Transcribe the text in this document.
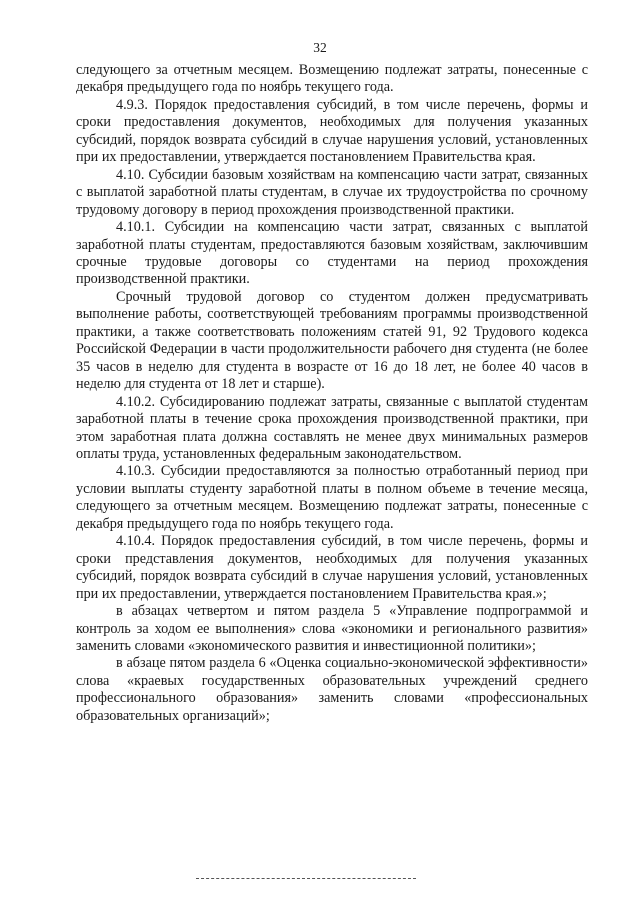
32

следующего за отчетным месяцем. Возмещению подлежат затраты, понесенные с декабря предыдущего года по ноябрь текущего года.

4.9.3. Порядок предоставления субсидий, в том числе перечень, формы и сроки предоставления документов, необходимых для получения указанных субсидий, порядок возврата субсидий в случае нарушения условий, установленных при их предоставлении, утверждается постановлением Правительства края.

4.10. Субсидии базовым хозяйствам на компенсацию части затрат, связанных с выплатой заработной платы студентам, в случае их трудоустройства по срочному трудовому договору в период прохождения производственной практики.

4.10.1. Субсидии на компенсацию части затрат, связанных с выплатой заработной платы студентам, предоставляются базовым хозяйствам, заключившим срочные трудовые договоры со студентами на период прохождения производственной практики.

Срочный трудовой договор со студентом должен предусматривать выполнение работы, соответствующей требованиям программы производственной практики, а также соответствовать положениям статей 91, 92 Трудового кодекса Российской Федерации в части продолжительности рабочего дня студента (не более 35 часов в неделю для студента в возрасте от 16 до 18 лет, не более 40 часов в неделю для студента от 18 лет и старше).

4.10.2. Субсидированию подлежат затраты, связанные с выплатой студентам заработной платы в течение срока прохождения производственной практики, при этом заработная плата должна составлять не менее двух минимальных размеров оплаты труда, установленных федеральным законодательством.

4.10.3. Субсидии предоставляются за полностью отработанный период при условии выплаты студенту заработной платы в полном объеме в течение месяца, следующего за отчетным месяцем. Возмещению подлежат затраты, понесенные с декабря предыдущего года по ноябрь текущего года.

4.10.4. Порядок предоставления субсидий, в том числе перечень, формы и сроки представления документов, необходимых для получения указанных субсидий, порядок возврата субсидий в случае нарушения условий, установленных при их предоставлении, утверждается постановлением Правительства края.»;

в абзацах четвертом и пятом раздела 5 «Управление подпрограммой и контроль за ходом ее выполнения» слова «экономики и регионального развития» заменить словами «экономического развития и инвестиционной политики»;

в абзаце пятом раздела 6 «Оценка социально-экономической эффективности» слова «краевых государственных образовательных учреждений среднего профессионального образования» заменить словами «профессиональных образовательных организаций»;
